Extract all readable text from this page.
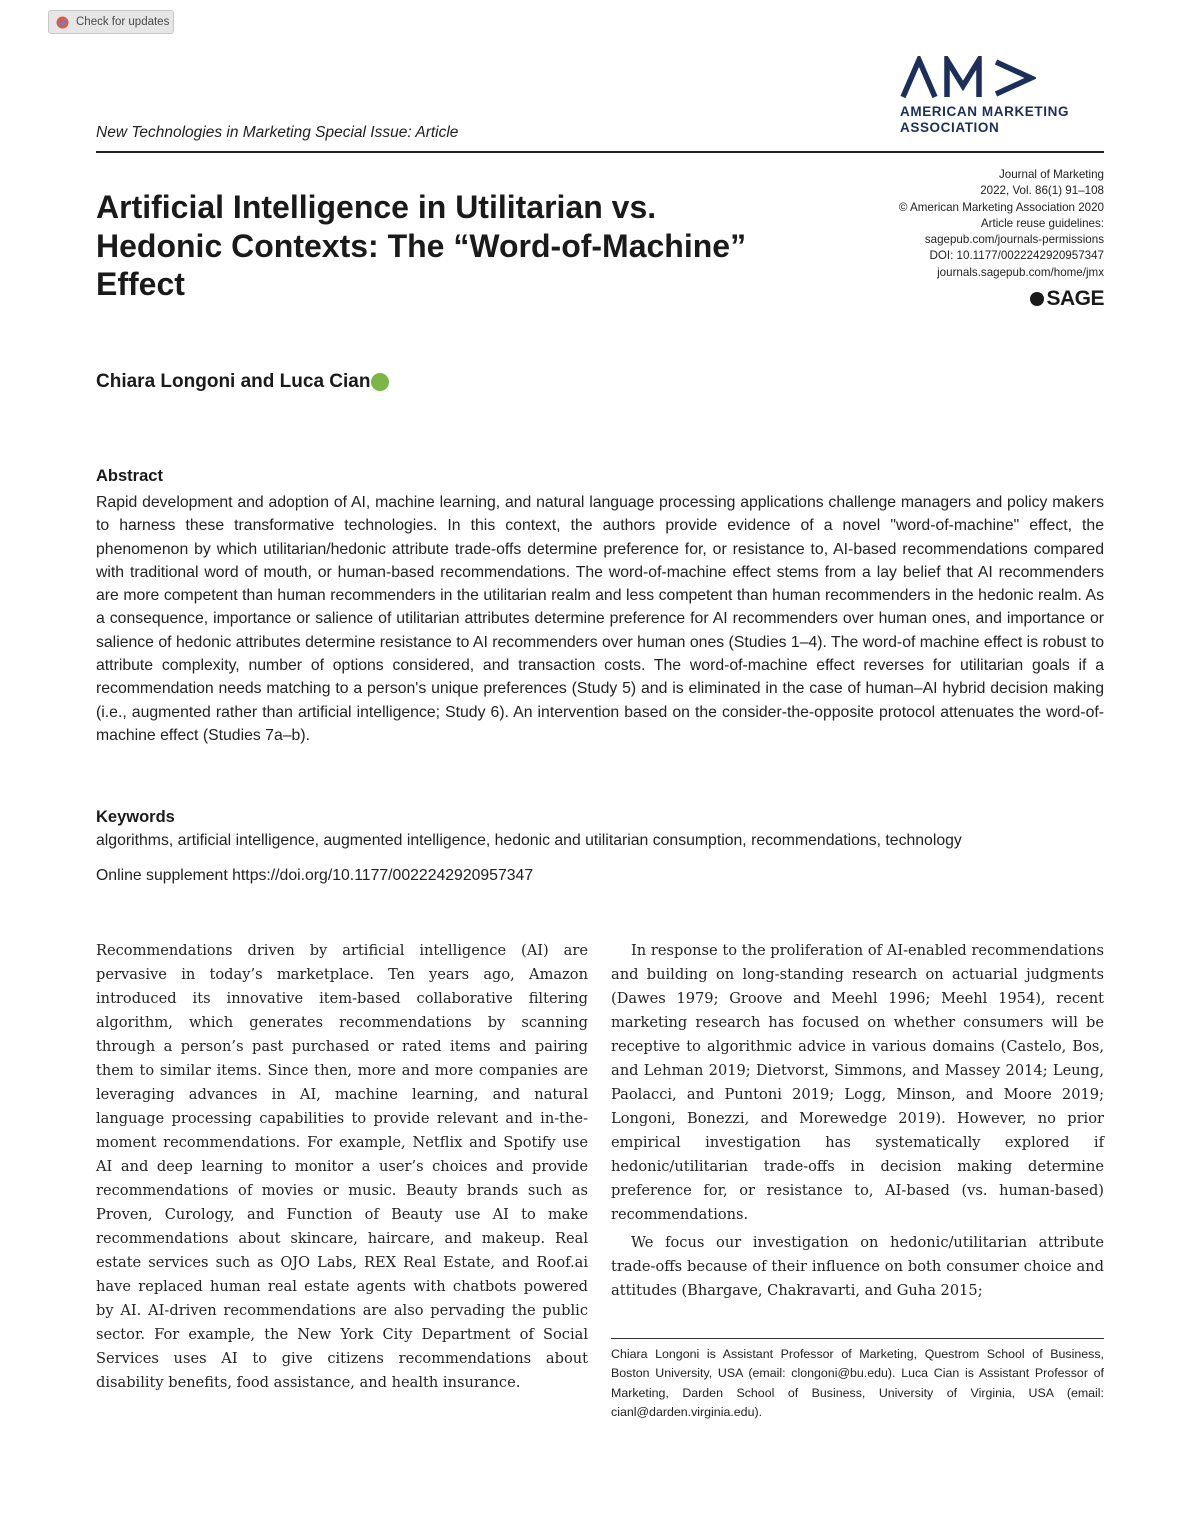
Check for updates
New Technologies in Marketing Special Issue: Article
AMERICAN MARKETING
ASSOCIATION
Journal of Marketing
2022, Vol. 86(1) 91–108
© American Marketing Association 2020
Article reuse guidelines:
sagepub.com/journals-permissions
DOI: 10.1177/0022242920957347
journals.sagepub.com/home/jmx
SAGE
Artificial Intelligence in Utilitarian vs. Hedonic Contexts: The “Word-of-Machine” Effect
Chiara Longoni and Luca Cian
Abstract

Rapid development and adoption of AI, machine learning, and natural language processing applications challenge managers and policy makers to harness these transformative technologies. In this context, the authors provide evidence of a novel "word-of-machine" effect, the phenomenon by which utilitarian/hedonic attribute trade-offs determine preference for, or resistance to, AI-based recommendations compared with traditional word of mouth, or human-based recommendations. The word-of-machine effect stems from a lay belief that AI recommenders are more competent than human recommenders in the utilitarian realm and less competent than human recommenders in the hedonic realm. As a consequence, importance or salience of utilitarian attributes determine preference for AI recommenders over human ones, and importance or salience of hedonic attributes determine resistance to AI recommenders over human ones (Studies 1–4). The word-of machine effect is robust to attribute complexity, number of options considered, and transaction costs. The word-of-machine effect reverses for utilitarian goals if a recommendation needs matching to a person's unique preferences (Study 5) and is eliminated in the case of human–AI hybrid decision making (i.e., augmented rather than artificial intelligence; Study 6). An intervention based on the consider-the-opposite protocol attenuates the word-of-machine effect (Studies 7a–b).

Keywords
algorithms, artificial intelligence, augmented intelligence, hedonic and utilitarian consumption, recommendations, technology
Online supplement https://doi.org/10.1177/0022242920957347

Recommendations driven by artificial intelligence (AI) are pervasive in today’s marketplace. Ten years ago, Amazon introduced its innovative item-based collaborative filtering algorithm, which generates recommendations by scanning through a person’s past purchased or rated items and pairing them to similar items. Since then, more and more companies are leveraging advances in AI, machine learning, and natural language processing capabilities to provide relevant and in-the-moment recommendations. For example, Netflix and Spotify use AI and deep learning to monitor a user’s choices and provide recommendations of movies or music. Beauty brands such as Proven, Curology, and Function of Beauty use AI to make recommendations about skincare, haircare, and makeup. Real estate services such as OJO Labs, REX Real Estate, and Roof.ai have replaced human real estate agents with chatbots powered by AI. AI-driven recommendations are also pervading the public sector. For example, the New York City Department of Social Services uses AI to give citizens recommendations about disability benefits, food assistance, and health insurance.

In response to the proliferation of AI-enabled recommendations and building on long-standing research on actuarial judgments (Dawes 1979; Groove and Meehl 1996; Meehl 1954), recent marketing research has focused on whether consumers will be receptive to algorithmic advice in various domains (Castelo, Bos, and Lehman 2019; Dietvorst, Simmons, and Massey 2014; Leung, Paolacci, and Puntoni 2019; Logg, Minson, and Moore 2019; Longoni, Bonezzi, and Morewedge 2019). However, no prior empirical investigation has systematically explored if hedonic/utilitarian trade-offs in decision making determine preference for, or resistance to, AI-based (vs. human-based) recommendations.

We focus our investigation on hedonic/utilitarian attribute trade-offs because of their influence on both consumer choice and attitudes (Bhargave, Chakravarti, and Guha 2015;

Chiara Longoni is Assistant Professor of Marketing, Questrom School of Business, Boston University, USA (email: clongoni@bu.edu). Luca Cian is Assistant Professor of Marketing, Darden School of Business, University of Virginia, USA (email: cianl@darden.virginia.edu).
